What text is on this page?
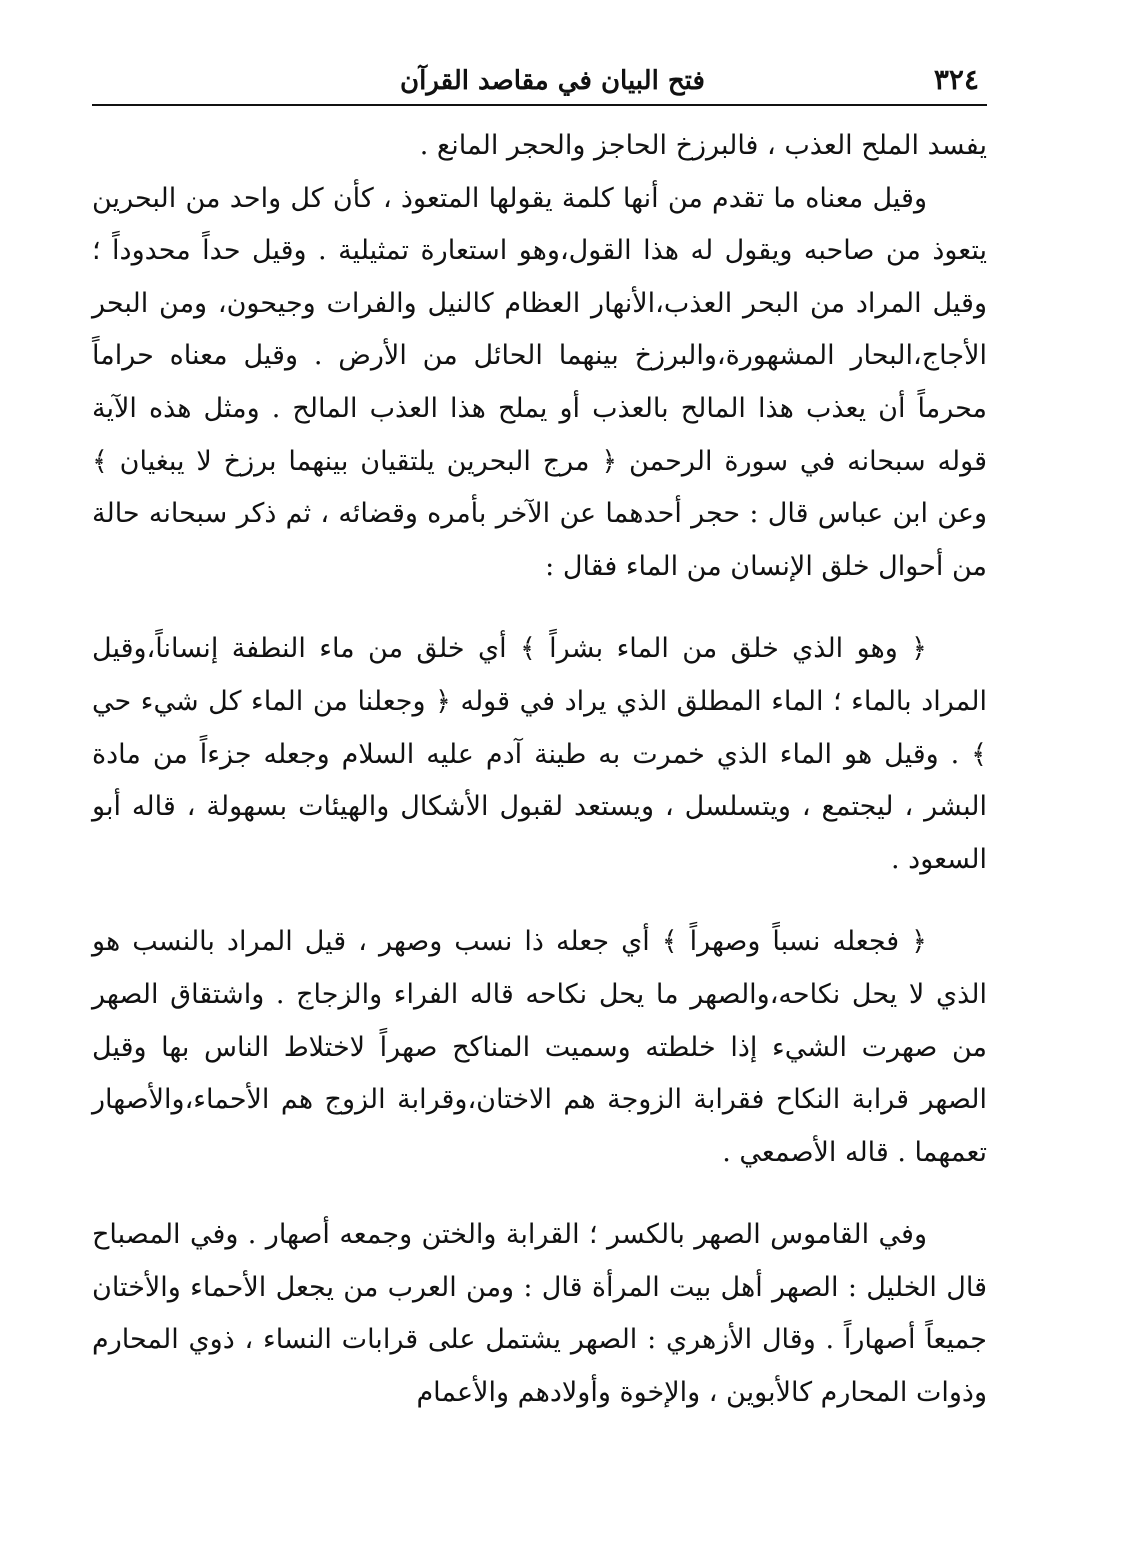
٣٢٤
فتح البيان في مقاصد القرآن

يفسد الملح العذب ، فالبرزخ الحاجز والحجر المانع .

وقيل معناه ما تقدم من أنها كلمة يقولها المتعوذ ، كأن كل واحد من البحرين يتعوذ من صاحبه ويقول له هذا القول،وهو استعارة تمثيلية . وقيل حداً محدوداً ؛وقيل المراد من البحر العذب،الأنهار العظام كالنيل والفرات وجيحون، ومن البحر الأجاج،البحار المشهورة،والبرزخ بينهما الحائل من الأرض . وقيل معناه حراماً محرماً أن يعذب هذا المالح بالعذب أو يملح هذا العذب المالح . ومثل هذه الآية قوله سبحانه في سورة الرحمن ﴿ مرج البحرين يلتقيان بينهما برزخ لا يبغيان ﴾ وعن ابن عباس قال : حجر أحدهما عن الآخر بأمره وقضائه ، ثم ذكر سبحانه حالة من أحوال خلق الإنسان من الماء فقال :

﴿ وهو الذي خلق من الماء بشراً ﴾ أي خلق من ماء النطفة إنساناً،وقيل المراد بالماء ؛ الماء المطلق الذي يراد في قوله ﴿ وجعلنا من الماء كل شيء حي ﴾ . وقيل هو الماء الذي خمرت به طينة آدم عليه السلام وجعله جزءاً من مادة البشر ، ليجتمع ، ويتسلسل ، ويستعد لقبول الأشكال والهيئات بسهولة ، قاله أبو السعود .

﴿ فجعله نسباً وصهراً ﴾ أي جعله ذا نسب وصهر ، قيل المراد بالنسب هو الذي لا يحل نكاحه،والصهر ما يحل نكاحه قاله الفراء والزجاج . واشتقاق الصهر من صهرت الشيء إذا خلطته وسميت المناكح صهراً لاختلاط الناس بها وقيل الصهر قرابة النكاح فقرابة الزوجة هم الاختان،وقرابة الزوج هم الأحماء،والأصهار تعمهما . قاله الأصمعي .

وفي القاموس الصهر بالكسر ؛ القرابة والختن وجمعه أصهار . وفي المصباح قال الخليل : الصهر أهل بيت المرأة قال : ومن العرب من يجعل الأحماء والأختان جميعاً أصهاراً . وقال الأزهري : الصهر يشتمل على قرابات النساء ، ذوي المحارم وذوات المحارم كالأبوين ، والإخوة وأولادهم والأعمام
